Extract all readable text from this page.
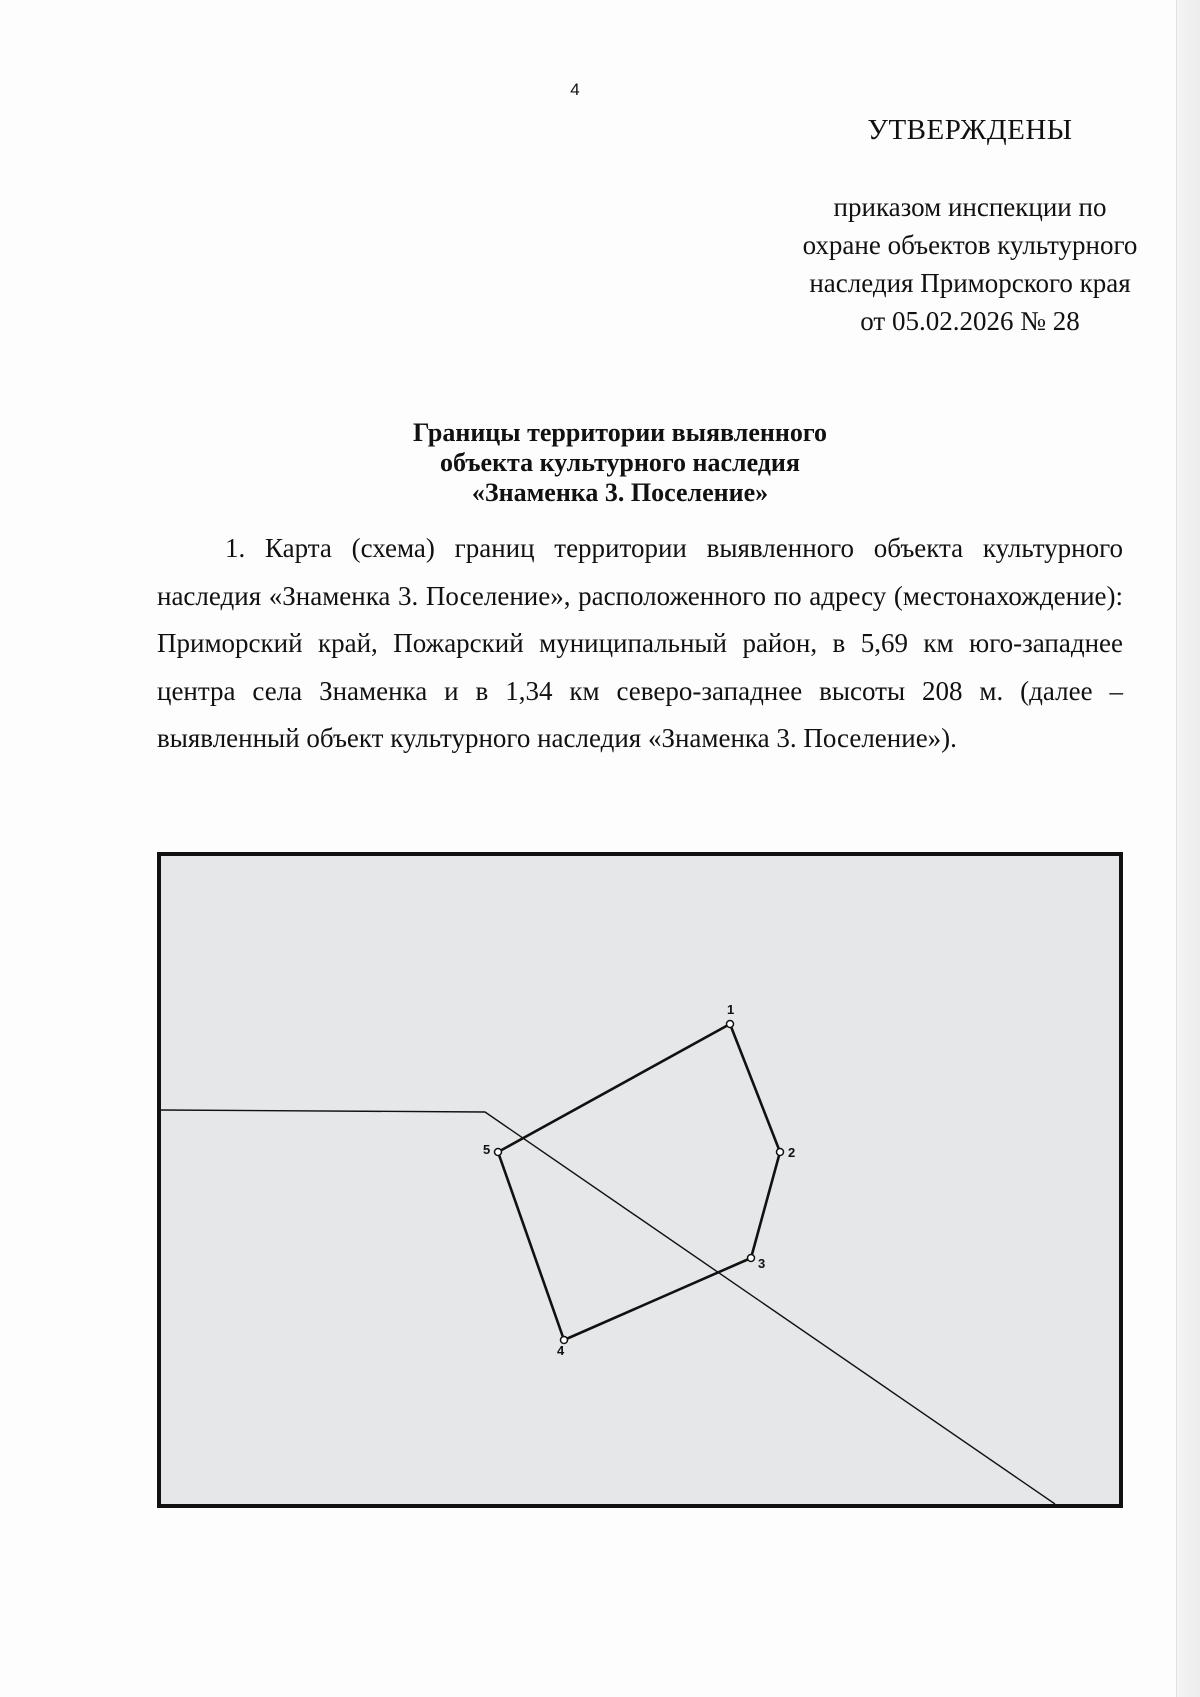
4
УТВЕРЖДЕНЫ
приказом инспекции по
охране объектов культурного
наследия Приморского края
от 05.02.2026 № 28
Границы территории выявленного
объекта культурного наследия
«Знаменка 3. Поселение»

1. Карта (схема) границ территории выявленного объекта культурного наследия «Знаменка 3. Поселение», расположенного по адресу (местонахождение): Приморский край, Пожарский муниципальный район, в 5,69 км юго-западнее центра села Знаменка и в 1,34 км северо-западнее высоты 208 м. (далее – выявленный объект культурного наследия «Знаменка 3. Поселение»).

1
2
3
4
5
